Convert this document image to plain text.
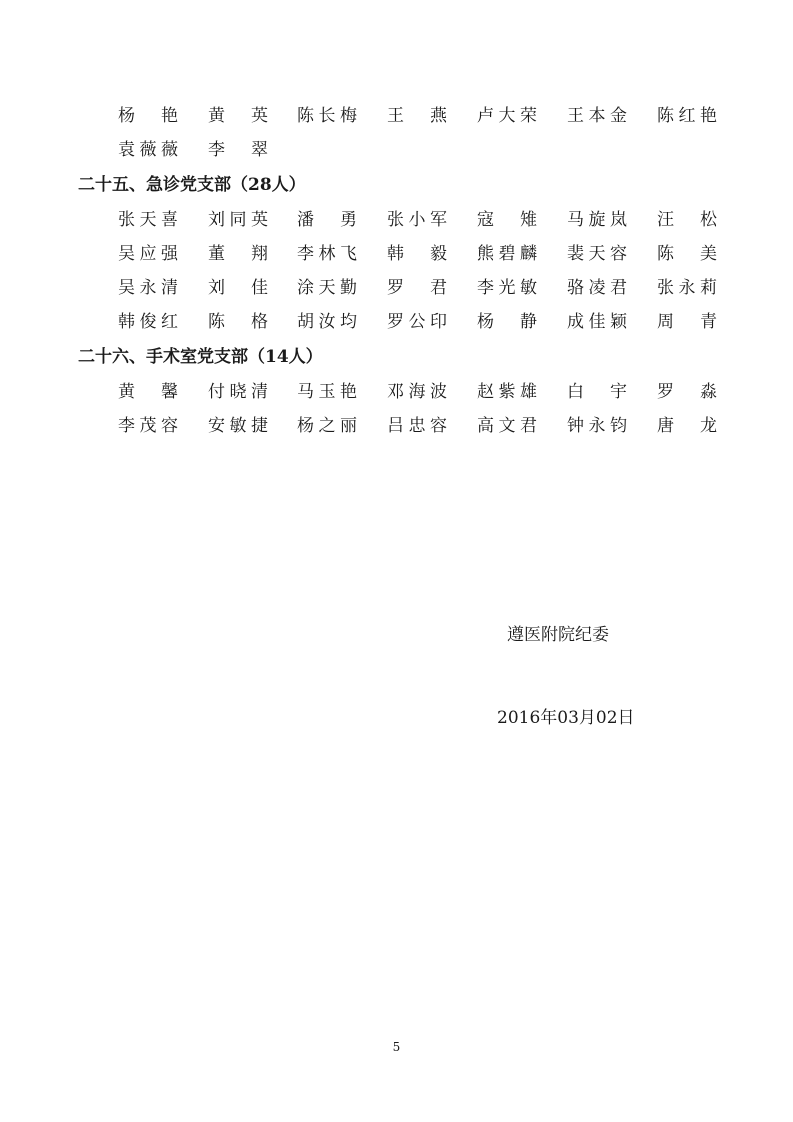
杨艳 黄英 陈长梅 王燕 卢大荣 王本金 陈红艳
袁薇薇 李翠
二十五、急诊党支部（28人）
张天喜 刘同英 潘勇 张小军 寇雉 马旋岚 汪松
吴应强 董翔 李林飞 韩毅 熊碧麟 裴天容 陈美
吴永清 刘佳 涂天勤 罗君 李光敏 骆凌君 张永莉
韩俊红 陈格 胡汝均 罗公印 杨静 成佳颖 周青
二十六、手术室党支部（14人）
黄馨 付晓清 马玉艳 邓海波 赵紫雄 白宇 罗淼
李茂容 安敏捷 杨之丽 吕忠容 高文君 钟永钧 唐龙
遵医附院纪委
2016年03月02日
5
